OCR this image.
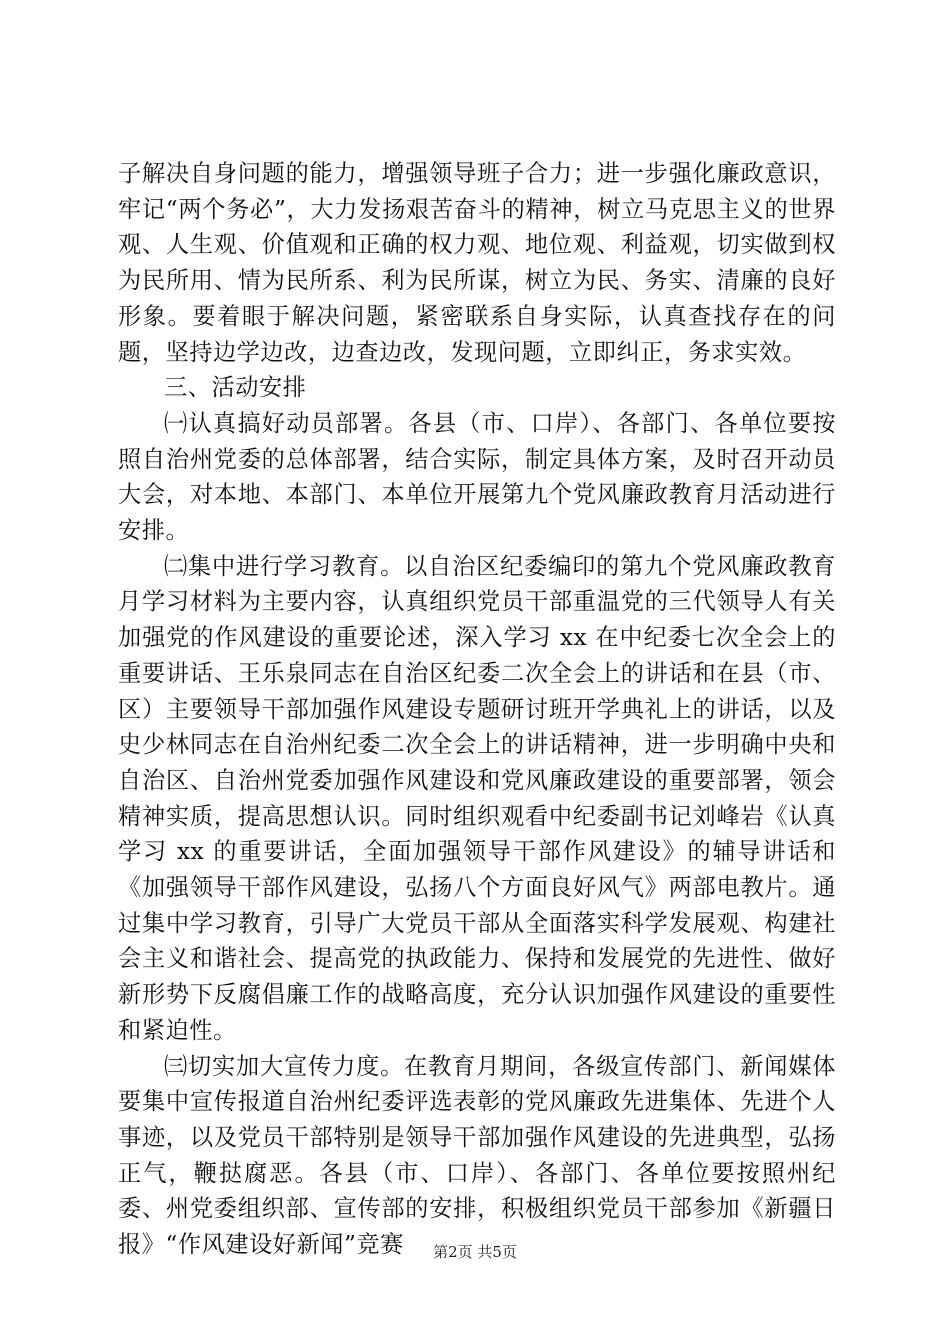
子解决自身问题的能力，增强领导班子合力；进一步强化廉政意识，牢记“两个务必”，大力发扬艰苦奋斗的精神，树立马克思主义的世界观、人生观、价值观和正确的权力观、地位观、利益观，切实做到权为民所用、情为民所系、利为民所谋，树立为民、务实、清廉的良好形象。要着眼于解决问题，紧密联系自身实际，认真查找存在的问题，坚持边学边改，边查边改，发现问题，立即纠正，务求实效。

三、活动安排

㈠认真搞好动员部署。各县（市、口岸）、各部门、各单位要按照自治州党委的总体部署，结合实际，制定具体方案，及时召开动员大会，对本地、本部门、本单位开展第九个党风廉政教育月活动进行安排。

㈡集中进行学习教育。以自治区纪委编印的第九个党风廉政教育月学习材料为主要内容，认真组织党员干部重温党的三代领导人有关加强党的作风建设的重要论述，深入学习 xx 在中纪委七次全会上的重要讲话、王乐泉同志在自治区纪委二次全会上的讲话和在县（市、区）主要领导干部加强作风建设专题研讨班开学典礼上的讲话，以及史少林同志在自治州纪委二次全会上的讲话精神，进一步明确中央和自治区、自治州党委加强作风建设和党风廉政建设的重要部署，领会精神实质，提高思想认识。同时组织观看中纪委副书记刘峰岩《认真学习 xx 的重要讲话，全面加强领导干部作风建设》的辅导讲话和《加强领导干部作风建设，弘扬八个方面良好风气》两部电教片。通过集中学习教育，引导广大党员干部从全面落实科学发展观、构建社会主义和谐社会、提高党的执政能力、保持和发展党的先进性、做好新形势下反腐倡廉工作的战略高度，充分认识加强作风建设的重要性和紧迫性。

㈢切实加大宣传力度。在教育月期间，各级宣传部门、新闻媒体要集中宣传报道自治州纪委评选表彰的党风廉政先进集体、先进个人事迹，以及党员干部特别是领导干部加强作风建设的先进典型，弘扬正气，鞭挞腐恶。各县（市、口岸）、各部门、各单位要按照州纪委、州党委组织部、宣传部的安排，积极组织党员干部参加《新疆日报》“作风建设好新闻”竞赛	第2页 共5页
